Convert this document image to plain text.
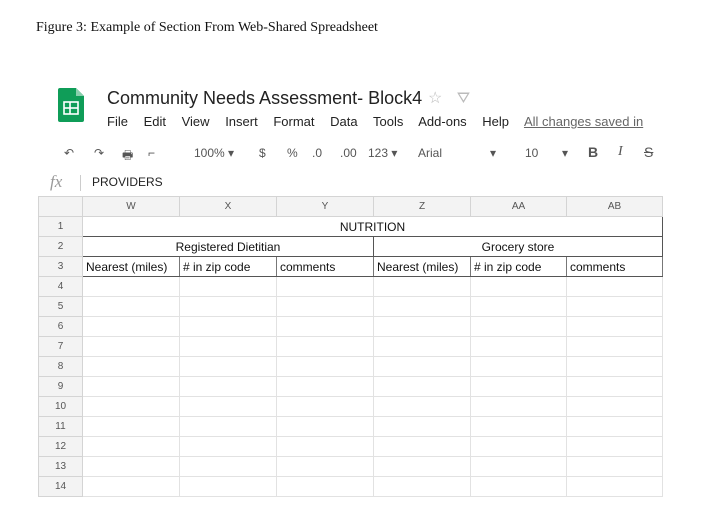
Figure 3: Example of Section From Web-Shared Spreadsheet
Community Needs Assessment- Block4 ☆ ⛛
File Edit View Insert Format Data Tools Add-ons Help All changes saved in
↶ ↷ 🖶 ⌐	100% ▾ $ % .0 .00 123 ▾ Arial	▾ 10 ▾ B I S
fx PROVIDERS
	W	X	Y	Z	AA	AB
1	NUTRITION					
2	Registered Dietitian			Grocery store		
3	Nearest (miles)	# in zip code	comments	Nearest (miles)	# in zip code	comments
4						
5						
6						
7						
8						
9						
10						
11						
12						
13						
14						
